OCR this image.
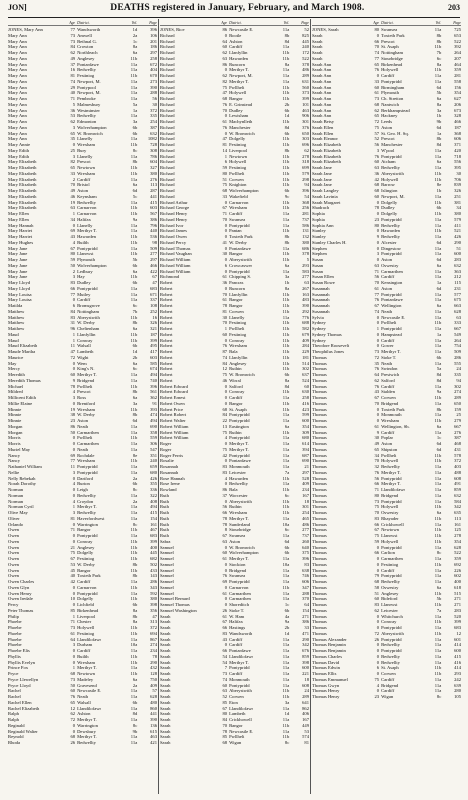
JON]	DEATHS registered in January, February, and March 1908.	203
Age District.	Vol.	Page
JONES, Mary Ann	77 Wandsworth	1d	396
Mary Ann	73 Amwell	2a	106
Mary Ann	73 Bethnal G.	1c	201
Mary Ann	84 Crowton	8a	186
Mary Ann	62 Northleach	6a	297
Mary Ann	49 Anglesey	11b	258
Mary Ann	37 Pontardawe	11a	672
Mary Ann	16 Bedwellty	11a	404
Mary Ann	81 Festiniog	11b	670
Mary Ann	74 Newport, M.	11a	273
Mary Ann	29 Pontypool	11a	390
Mary Ann	40 Newport, M.	11a	288
Mary Ann	71 Pembroke	11a	56
Mary Ann	5 Malmesbury	5a	30
Mary Ann	36 Westminster	1a	372
Mary Ann	53 Bedwellty	11a	335
Mary Ann	62 Edmonton	3a	254
Mary Ann	3 Wolverhampton	6b	387
Mary Ann	65 W. Bromwich	6b	632
Mary Ann	35 Llanelly	11a	1082
Mary Annie	0 Wrexham	11b	728
Mary Edith	25 Bury	8c	308
Mary Edith	3 Llanelly	11a	786
Mary Elizabeth	82 Prescot	8b	604
Mary Elizabeth	65 Newtown	11b	327
Mary Elizabeth	33 Wrexham	11b	380
Mary Elizabeth	2 Cardiff	11a	276
Mary Elizabeth	70 Bristol	6a	113
Mary Elizabeth	49 Aston	6d	287
Mary Elizabeth	46 Keynsham	5c	441
Mary Elizabeth	19 Bedwellty	11a	415
Mary Elizabeth	63 Carnarvon	11b	603
Mary Ellen	1 Carnarvon	11b	567
Mary Ellen	34 Halifax	9a	386
Mary Hannah	0 Llanelly	11a	796
Mary Harriet	69 Merthyr T.	11a	440
Mary Harriet	43 Hawarden	11b	536
Mary Hughes	4 Builth	11b	98
Mary Jane	67 Pontypridd	11a	509
Mary Jane	80 Llanrwst	11b	277
Mary Jane	59 Plymouth	5b	297
Mary Jane	50 Wolverhampton	6b	466
Mary Jane	2 Ledbury	6a	422
Mary Jane	3 Hay	11b	67
Mary Lloyd	83 Dudley	6b	47
Mary Lloyd	66 Pontypridd	11a	683
Mary Louisa	77 Mutley	11a	671
Mary Louisa	0 Cardiff	11a	337
Matilda	6 Bromsgrove	6c	108
Matthew	84 Nottingham	7b	252
Matthew	83 Aberystwith	11b	16
Matthew	31 W. Derby	8b	326
Matthew	96 Cheltenham	6a	321
Maud	1 Llanfyllin	11b	187
Maud	1 Conway	11b	399
Maud Elizabeth	11 Walsall	6b	495
Maude Martha	47 Lambeth	1d	417
Maurice	72 Wight	2b	603
May	0 Wem	6a	585
Mercy	0 King's N.	6c	674
Meredith	60 Merthyr T.	11a	494
Meredith Thomas	9 Bridgend	11a	740
Michael	78 Pwllheli	11b	396
Mildred	4 Prescot	8b	561
Millicent Edith	3 Ross	6a	362
Millie Elaine	0 Brentford	3a	91
Minnie	19 Wrexham	11b	393
Minnie	38 W. Derby	8b	474
Minnie	23 Aston	6d	494
Morgan	86 Neath	11a	690
Morgan	50 Carmarthen	11a	358
Morris	0 Pwllheli	11b	559
Morris	0 Carmarthen	11a	306
Muriel May	0 Neath	11a	547
Nancy	69 Rochdale	8e	351
Nancy	77 Wrexham	11b	240
Nathaniel William	11 Pontypridd	11a	659
Nellie	3 Pontypridd	11a	680
Nelly Rebekah	0 Dartford	2a	426
Norah Dorothy	4 Burton	6b	355
Norman	0 Leigh	8c	336
Norman	0 Bedwellty	11a	322
Norman	4 Croydon	2a	408
Norman Cyril	1 Merthyr T.	11a	494
Olive May	3 Bedwellty	11a	415
Oliver	81 Haverfordwest	11a	154
Orlando	0 Warrington	8c	161
Owen	71 Bangor	11b	467
Owen	0 Pontypridd	11a	683
Owen	0 Conway	11b	399
Owen	21 Anglesey	11b	400
Owen	75 Dolgelly	11b	445
Owen	67 Festiniog	11b	682
Owen	53 W. Derby	8b	502
Owen	45 Bangor	11b	433
Owen	40 Toxteth Park	8b	143
Owen Charles	42 Cardiff	11a	286
Owen Glyn	0 Carnarvon	11b	343
Owen Henry	0 Pontypridd	11a	592
Owen Iredale	10 Dolgelly	11b	380
Percy	0 Lichfield	6b	398
Peter Thomas	85 Birkenhead	8a	356
Philip	1 Liverpool	8b	47
Phoebe	71 Chester	8a	313
Phoebe	73 Holywell	11b	372
Phoebe	61 Festiniog	11b	694
Phoebe	64 Llandilofawr	11a	867
Phoebe	3 Durham	10a	274
Phoebe Elis	0 Cardiff	11a	234
Phyllis	0 Builth	11b	78
Phyllis Evelyn	0 Wrexham	11b	290
Prince Fox	1 Merthyr T.	11a	432
Pryce	68 Newtown	11b	128
Pryce Llewellyn	73 Madeley	6a	750
Pryce Lloyd	50 Gravesend	2a	409
Rachel	60 Newcastle E.	11a	57
Rachel	76 Neath	11a	628
Rachel Ellen	65 Walsall	6b	480
Rachel Elizabeth	12 Llandilofawr	11a	860
Ralph	62 Ashton	8d	441
Ralph	72 Merthyr T.	11a	390
Reginald	0 Warrington	8c	136
Reginald Walter	0 Dewsbury	9b	615
Reynold	68 Merthyr T.	11a	463
Rhoda	26 Bedwellty	11a	421
Age District.	Vol.	Page
JONES, Rice	86 Newcastle E.	11a	52
Richard	0 Bootle	8b	825
Richard	64 Ashton	8d	445
Richard	60 Cardiff	11a	240
Richard	62 Llanfyllin	11b	172
Richard	63 Hawarden	11b	522
Richard	86 Runcorn	8a	378
Richard	0 Merthyr T.	11a	486
Richard	62 Newport, M.	11a	289
Richard	82 Merthyr T.	11a	631
Richard	75 Pwllheli	11b	560
Richard	47 Holywell	11b	373
Richard	68 Bangor	11b	399
Richard	76 E. Grinstead	2b	101
Richard	70 Dudley	6b	463
Richard	0 Lewisham	1d	906
Richard	61 Machynlleth	11b	301
Richard	76 Manchester	8d	376
Richard	0 W. Bromwich	6b	650
Richard	47 Dolgelly	11b	303
Richard	81 Festiniog	11b	696
Richard	14 Liverpool	8b	62
Richard	1 Newtown	11b	278
Richard	6 Holywell	11b	318
Richard	59 Festiniog	11b	699
Richard	80 Pwllheli	11b	579
Richard	51 Corwen	11b	298
Richard	75 Knighton	11b	94
Richard	68 Wolverhampton	6b	396
Richard	33 Wakefield	9c	54
Richard Arthur	0 Carnarvon	11b	368
Richard George	67 Wrexham	11b	256
Richard Henry	71 Cardiff	11a	281
Richard Henry	70 Swansea	11a	737
Richard Ivor	0 Pontypridd	11a	586
Richard James	0 Pantan	11b	131
Richard Owen	0 Toxteth Park	8b	132
Richard Percy	41 W. Derby	8b	380
Richard Thomas	0 Pontardawe	11a	686
Richard Vaughan	30 Bangor	11b	378
Richard William	0 Aberystwith	11b	5
Richard William	6 Crowcaswer	6a	293
Richard William	0 Pontypridd	11a	583
Richmond	61 Chipping S.	3a	277
Robert	36 Pancras	1b	63
Robert	0 Runcorn	8a	267
Robert	70 Llanfyllin	11b	163
Robert	61 Bangor	11b	483
Robert	78 Bangor	11b	390
Robert	81 Corwen	11b	292
Robert	30 Llanelly	11a	776
Robert	70 Festiniog	11b	688
Robert	1 Pwllheli	11b	582
Robert	60 Festiniog	11b	679
Robert	0 Conway	11b	409
Robert	76 Wrexham	11b	284
Robert	87 Bala	11b	229
Robert	74 Llanfyllin	11b	181
Robert	84 Anglesey	11b	514
Robert	12 Ruthin	11b	302
Robert	75 W. Bromwich	6b	637
Robert	46 Wirral	8a	524
Robert Edward	0 Salford	8d	60
Robert Edward	0 Conway	11b	630
Robert Ernest	0 Cardiff	11a	258
Robert Owen	0 Bangor	11b	416
Robert Price	68 St. Asaph	11b	423
Robert Robert	84 Pontypridd	11a	599
Robert Walter	22 Pontypridd	11a	600
Robert William	13 Eastington	6a	354
Robert William	75 Ruthin	11b	309
Robert William	4 Pontypridd	11a	680
Roger	0 Merthyr T.	11a	614
Roger	75 Merthyr T.	11a	394
Roger Ferris	42 Pontypridd	11a	687
Rosalie	0 Pontardawe	11a	690
Rosannah	83 Monmouth	11a	21
Rosannah	83 Leicester	7a	297
Rose Hannah	4 Hawarden	11b	528
Rose Irene	0 Bedwellty	11a	409
Rowland	86 Bala	11b	234
Ruth	37 Worcester	6c	167
Ruth	0 Aberystwith	11b	18
Ruth	56 Ruthin	11b	301
Ruth	66 Wrexham	11b	254
Ruth	78 Merthyr T.	11a	465
Ruth	78 Sunderland	10a	486
Ruth	8 Stourbridge	6c	277
Ruth	67 Swansea	11a	737
Sabra	63 Aston	6d	260
Samuel	0 W. Bromwich	6b	640
Samuel	60 Wolverhampton	6b	375
Samuel	61 Merthyr T.	11a	396
Samuel	0 Stockton	10a	83
Samuel	0 Bridgend	11a	638
Samuel	76 Swansea	11a	746
Samuel	69 Pontypridd	11a	606
Samuel	0 Carnarvon	11b	347
Samuel	61 Carmarthen	11a	288
Samuel Bernard	0 Carmarthen	11a	370
Samuel Thomas	0 Shoreditch	1c	64
Samuel Washington	26 Stoke T.	6b	154
Sarah	61 W. Ham	4a	271
Sarah	67 Halifax	9a	386
Sarah	66 Hastings	2b	33
Sarah	83 Wandsworth	1d	471
Sarah	43 Cardiff	11a	290
Sarah	0 Cardiff	11a	342
Sarah	66 Pontardawe	11a	676
Sarah	54 Llandilofawr	11a	859
Sarah	54 Merthyr T.	11a	398
Sarah	7 Pontypridd	11a	600
Sarah	73 Cardiff	11a	221
Sarah	74 Monmouth	11a	18
Sarah	60 Pontypridd	11a	608
Sarah	63 Aberystwith	11b	24
Sarah	52 Corwen	11b	289
Sarah	85 Eton	3a	641
Sarah	67 Llandilofawr	11a	862
Sarah	80 Lambeth	1d	406
Sarah	84 Crickhowell	11a	167
Sarah	70 Bangor	11b	449
Sarah	78 Newcastle E.	11a	53
Sarah	85 Pwllheli	11b	574
Sarah	68 Wigan	8c	81
Age District.	Vol.	Page
JONES, Sarah	80 Swansea	11a	725
Sarah	0 Toxteth Park	8b	653
Sarah	66 Prescot	8b	522
Sarah	70 St. Asaph	11b	392
Sarah	74 Nottingham	7b	264
Sarah	77 Stourbridge	6c	207
Sarah Ann	65 Birkenhead	8a	464
Sarah Ann	76 Holywell	11b	359
Sarah Ann	0 Cardiff	11a	281
Sarah Ann	33 Pontypridd	11a	558
Sarah Ann	60 Birmingham	6d	156
Sarah Ann	61 Plymouth	5b	354
Sarah Ann	73 Ch. Stretton	6a	627
Sarah Ann	68 Nantwich	8a	206
Sarah Ann	62 Berkhampstead	3a	673
Sarah Ann	65 Hackney	1b	328
Sarah Betsy	72 Leeds	9b	466
Sarah Ellen	75 Aston	6d	187
Sarah Ellen	57 St. Geo. H. Sq.	1a	368
Sarah Eleanor	52 Prescot	8b	606
Sarah Elizabeth	56 Manchester	8d	371
Sarah Elizabeth	3 W'pool	11a	420
Sarah Elizabeth	76 Pontypridd	11a	718
Sarah Elizabeth	60 Atcham	6a	556
Sarah Jane	63 Bedwellty	11a	395
Sarah Jane	36 Aberystwith	11b	30
Sarah Jane	42 Holywell	11b	706
Sarah Jane	68 Barrow	8e	839
Sarah Langley	68 Islington	1b	326
Sarah Lavinia	60 Newport, M.	11a	251
Sarah Margaret	0 Dolgelly	11b	381
Shadrach	78 Dudley	6b	34
Sophia	0 Dolgelly	11b	380
Sophia	23 Pontypridd	11a	579
Sophia Ann	80 Bedwellty	11a	411
Stanley	0 Hawarden	11b	521
Stanley	9 Bedwellty	11a	426
Stanley Charles H.	0 Alcester	6d	290
Stephen	0 Dingestow	11a	51
Stephen	3 Pontypridd	11a	600
Susan	0 Aston	6d	283
Susan	63 Oswestry	6a	632
Susan	71 Carmarthen	11a	363
Susan Ellen	56 Cardiff	11a	212
Susan Rowe	70 Kensington	1a	115
Susannah	61 Aston	6d	231
Susannah	77 Pontypridd	11a	577
Susannah	76 Pontardawe	11a	675
Susannah	67 Wellington	6a	663
Susannah	74 Neath	11a	628
Sylvia	0 Newcastle E.	11a	63
Sydney	0 Pwllheli	11b	333
Sydney	1 Pontypridd	11a	667
Sydney Thomas	0 Hampstead	1a	549
Sydney	0 Cardiff	11a	264
Theodore Roosevelt	0 Gower	11a	754
Theophilus Jones	73 Merthyr T.	11a	509
Thomas	72 Stoke T.	6b	286
Thomas	35 Neath	11a	555
Thomas	76 Swindon	5a	24
Thomas	64 Prestwich	8d	335
Thomas	62 Salford	8d	94
Thomas	76 Cardiff	11a	302
Thomas	43 Stalden	9a	274
Thomas	67 Corwen	11b	289
Thomas	70 Bridgend	11a	650
Thomas	0 Toxteth Park	8b	159
Thomas	0 Monmouth	11a	25
Thomas	0 Wrexham	11b	279
Thomas	61 Wellington, Sh.	6a	667
Thomas	9 Cardiff	11a	276
Thomas	30 Poplar	1c	387
Thomas	49 Aston	6d	468
Thomas	65 Shipston	6d	431
Thomas	34 Pwllheli	11b	578
Thomas	70 Holywell	11b	372
Thomas	32 Bedwellty	11a	403
Thomas	76 Merthyr T.	11a	488
Thomas	56 Pontypridd	11a	608
Thomas	66 Merthyr T.	11a	491
Thomas	71 Llandilofawr	11a	859
Thomas	80 Bridgend	11a	632
Thomas	73 Pontypridd	11a	584
Thomas	75 Holywell	11b	342
Thomas	70 Oswestry	6a	635
Thomas	83 Rhayader	11b	113
Thomas	66 Crickhowell	11a	161
Thomas	67 Newtown	11b	125
Thomas	75 Llanrwst	11b	278
Thomas	59 Holywell	11b	354
Thomas	0 Pontypridd	11a	628
Thomas	66 Carlton	8c	522
Thomas	0 Carmarthen	11a	359
Thomas	0 Festiniog	11b	692
Thomas	0 Cardiff	11a	226
Thomas	79 Pontypridd	11a	602
Thomas	68 Bedwellty	11a	400
Thomas	58 Oswestry	6a	618
Thomas	51 Anglesey	11b	515
Thomas	60 Bideford	5b	271
Thomas	83 Llanrwst	11b	271
Thomas	62 Leicester	7a	283
Thomas	0 Whitchurch	11a	520
Thomas	0 Conway	11b	399
Thomas	0 Pontypridd	11a	683
Thomas	72 Aberystwith	11b	12
Thomas Alexander	26 Pontypridd	11a	601
Thomas Benjamin	0 Bedwellty	11a	414
Thomas Benjamin	0 Pontypridd	11a	600
Thomas Charles	0 Bedwellty	11a	415
Thomas David	0 Bedwellty	11a	416
Thomas Edwin	6 St. Asaph	11b	414
Thomas Ellis	0 Corwen	11b	293
Thomas Emmanuel	75 Cardiff	11a	242
Thomas Gwyn	4 Bridgend	11a	639
Thomas Henry	0 Cardiff	11a	280
Thomas Henry	23 Wigan	8c	105
